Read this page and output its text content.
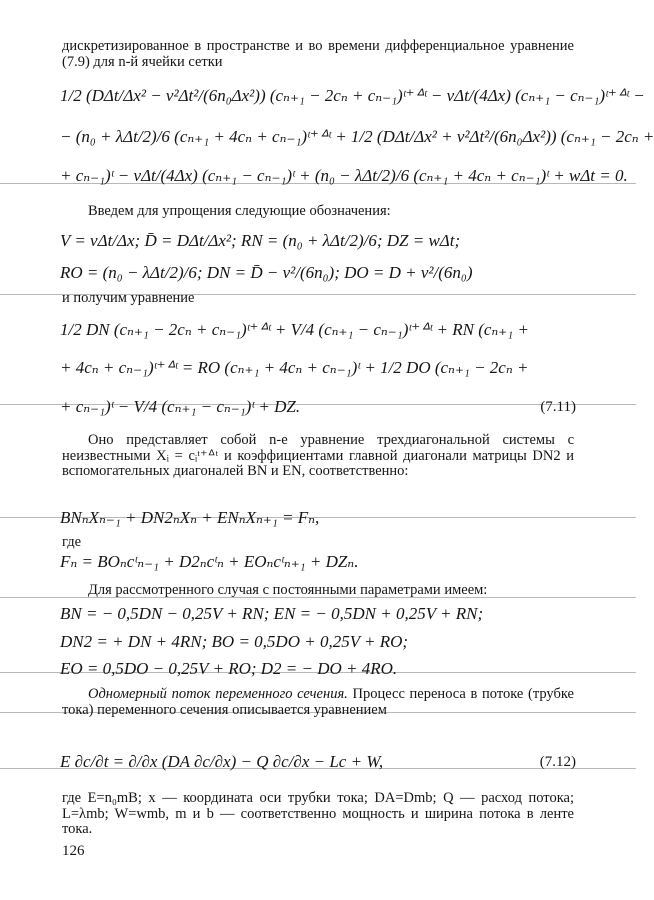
дискретизированное в пространстве и во времени дифференциальное уравнение (7.9) для n-й ячейки сетки

1/2 (DΔt/Δx² − v²Δt²/(6n₀Δx²)) (cₙ₊₁ − 2cₙ + cₙ₋₁)ᵗ⁺ᐞᵗ − vΔt/(4Δx) (cₙ₊₁ − cₙ₋₁)ᵗ⁺ᐞᵗ −
− (n₀ + λΔt/2)/6 (cₙ₊₁ + 4cₙ + cₙ₋₁)ᵗ⁺ᐞᵗ + 1/2 (DΔt/Δx² + v²Δt²/(6n₀Δx²)) (cₙ₊₁ − 2cₙ +
+ cₙ₋₁)ᵗ − vΔt/(4Δx) (cₙ₊₁ − cₙ₋₁)ᵗ + (n₀ − λΔt/2)/6 (cₙ₊₁ + 4cₙ + cₙ₋₁)ᵗ + wΔt = 0.

Введем для упрощения следующие обозначения:

V = vΔt/Δx; D̄ = DΔt/Δx²; RN = (n₀ + λΔt/2)/6; DZ = wΔt;
RO = (n₀ − λΔt/2)/6; DN = D̄ − v²/(6n₀); DO = D + v²/(6n₀)

и получим уравнение

1/2 DN (cₙ₊₁ − 2cₙ + cₙ₋₁)ᵗ⁺ᐞᵗ + V/4 (cₙ₊₁ − cₙ₋₁)ᵗ⁺ᐞᵗ + RN (cₙ₊₁ +
+ 4cₙ + cₙ₋₁)ᵗ⁺ᐞᵗ = RO (cₙ₊₁ + 4cₙ + cₙ₋₁)ᵗ + 1/2 DO (cₙ₊₁ − 2cₙ +
+ cₙ₋₁)ᵗ − V/4 (cₙ₊₁ − cₙ₋₁)ᵗ + DZ.	(7.11)

Оно представляет собой n-е уравнение трехдиагональной системы с неизвестными Xᵢ = cᵢᵗ⁺ᐞᵗ и коэффициентами главной диагонали матрицы DN2 и вспомогательных диагоналей BN и EN, соответственно:

BNₙXₙ₋₁ + DN2ₙXₙ + ENₙXₙ₊₁ = Fₙ,
где
Fₙ = BOₙcᵗₙ₋₁ + D2ₙcᵗₙ + EOₙcᵗₙ₊₁ + DZₙ.

Для рассмотренного случая с постоянными параметрами имеем:

BN = − 0,5DN − 0,25V + RN; EN = − 0,5DN + 0,25V + RN;
DN2 = + DN + 4RN; BO = 0,5DO + 0,25V + RO;
EO = 0,5DO − 0,25V + RO; D2 = − DO + 4RO.

Одномерный поток переменного сечения. Процесс переноса в потоке (трубке тока) переменного сечения описывается уравнением

E ∂c/∂t = ∂/∂x (DA ∂c/∂x) − Q ∂c/∂x − Lc + W,	(7.12)

где E=n₀mB; x — координата оси трубки тока; DA=Dmb; Q — расход потока; L=λmb; W=wmb, m и b — соответственно мощность и ширина потока в ленте тока.

126
